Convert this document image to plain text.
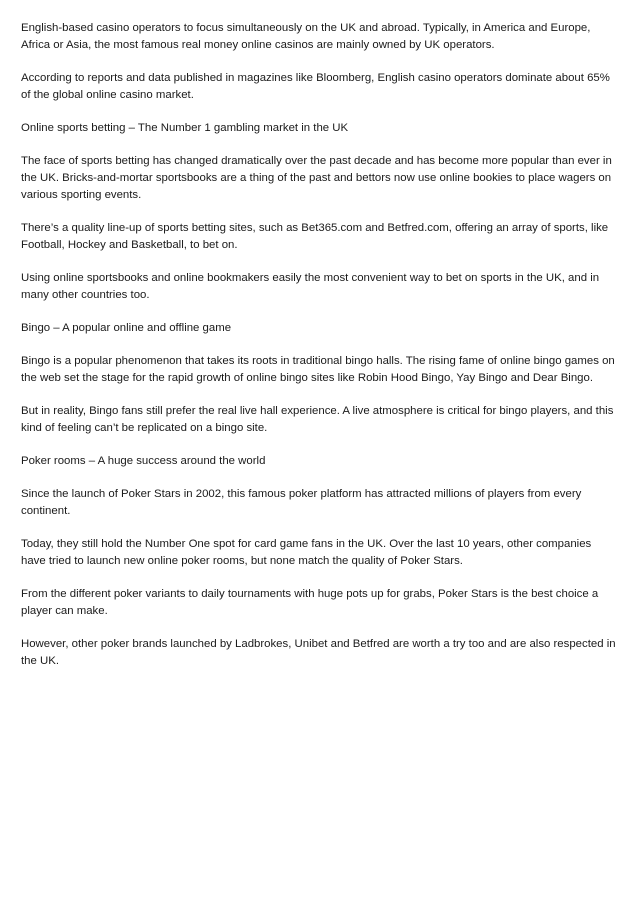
English-based casino operators to focus simultaneously on the UK and abroad. Typically, in America and Europe, Africa or Asia, the most famous real money online casinos are mainly owned by UK operators.

According to reports and data published in magazines like Bloomberg, English casino operators dominate about 65% of the global online casino market.

Online sports betting – The Number 1 gambling market in the UK

The face of sports betting has changed dramatically over the past decade and has become more popular than ever in the UK. Bricks-and-mortar sportsbooks are a thing of the past and bettors now use online bookies to place wagers on various sporting events.

There’s a quality line-up of sports betting sites, such as Bet365.com and Betfred.com, offering an array of sports, like Football, Hockey and Basketball, to bet on.

Using online sportsbooks and online bookmakers easily the most convenient way to bet on sports in the UK, and in many other countries too.

Bingo – A popular online and offline game

Bingo is a popular phenomenon that takes its roots in traditional bingo halls. The rising fame of online bingo games on the web set the stage for the rapid growth of online bingo sites like Robin Hood Bingo, Yay Bingo and Dear Bingo.

But in reality, Bingo fans still prefer the real live hall experience. A live atmosphere is critical for bingo players, and this kind of feeling can’t be replicated on a bingo site.

Poker rooms – A huge success around the world

Since the launch of Poker Stars in 2002, this famous poker platform has attracted millions of players from every continent.

Today, they still hold the Number One spot for card game fans in the UK. Over the last 10 years, other companies have tried to launch new online poker rooms, but none match the quality of Poker Stars.

From the different poker variants to daily tournaments with huge pots up for grabs, Poker Stars is the best choice a player can make.

However, other poker brands launched by Ladbrokes, Unibet and Betfred are worth a try too and are also respected in the UK.
